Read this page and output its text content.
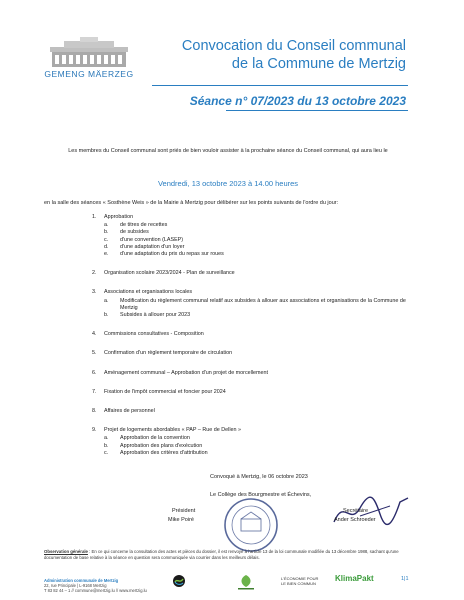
GEMENG MÄERZEG
Convocation du Conseil communal
de la Commune de Mertzig
Séance n° 07/2023 du 13 octobre 2023
Les membres du Conseil communal sont priés de bien vouloir assister à la prochaine séance du Conseil communal, qui aura lieu le
Vendredi, 13 octobre 2023 à 14.00 heures
en la salle des séances « Sosthène Weis » de la Mairie à Mertzig pour délibérer sur les points suivants de l'ordre du jour:
1. Approbation
a. de titres de recettes
b. de subsides
c. d'une convention (LASEP)
d. d'une adaptation d'un loyer
e. d'une adaptation du prix du repas sur roues
2. Organisation scolaire 2023/2024 - Plan de surveillance
3. Associations et organisations locales
a. Modification du règlement communal relatif aux subsides à allouer aux associations et organisations de la Commune de Mertzig
b. Subsides à allouer pour 2023
4. Commissions consultatives - Composition
5. Confirmation d'un règlement temporaire de circulation
6. Aménagement communal – Approbation d'un projet de morcellement
7. Fixation de l'impôt commercial et foncier pour 2024
8. Affaires de personnel
9. Projet de logements abordables « PAP – Rue de Dellen »
a. Approbation de la convention
b. Approbation des plans d'exécution
c. Approbation des critères d'attribution
Convoqué à Mertzig, le 06 octobre 2023
Le Collège des Bourgmestre et Échevins,
Président
Mike Poiré
Secrétaire
Ander Schroeder
Observation générale : En ce qui concerne la consultation des actes et pièces du dossier, il est renvoyé à l'article 13 de la loi communale modifiée du 13 décembre 1988, sachant qu'une documentation de base relative à la séance en question sera communiquée via courrier dans les meilleurs délais.
Administration communale de Mertzig
22, rue Principale | L-9168 Mertzig
T 83 82 44 – 1 // commune@mertzig.lu // www.mertzig.lu
L'ÉCONOMIE POUR LE BIEN COMMUN
KlimaPakt	1|1
